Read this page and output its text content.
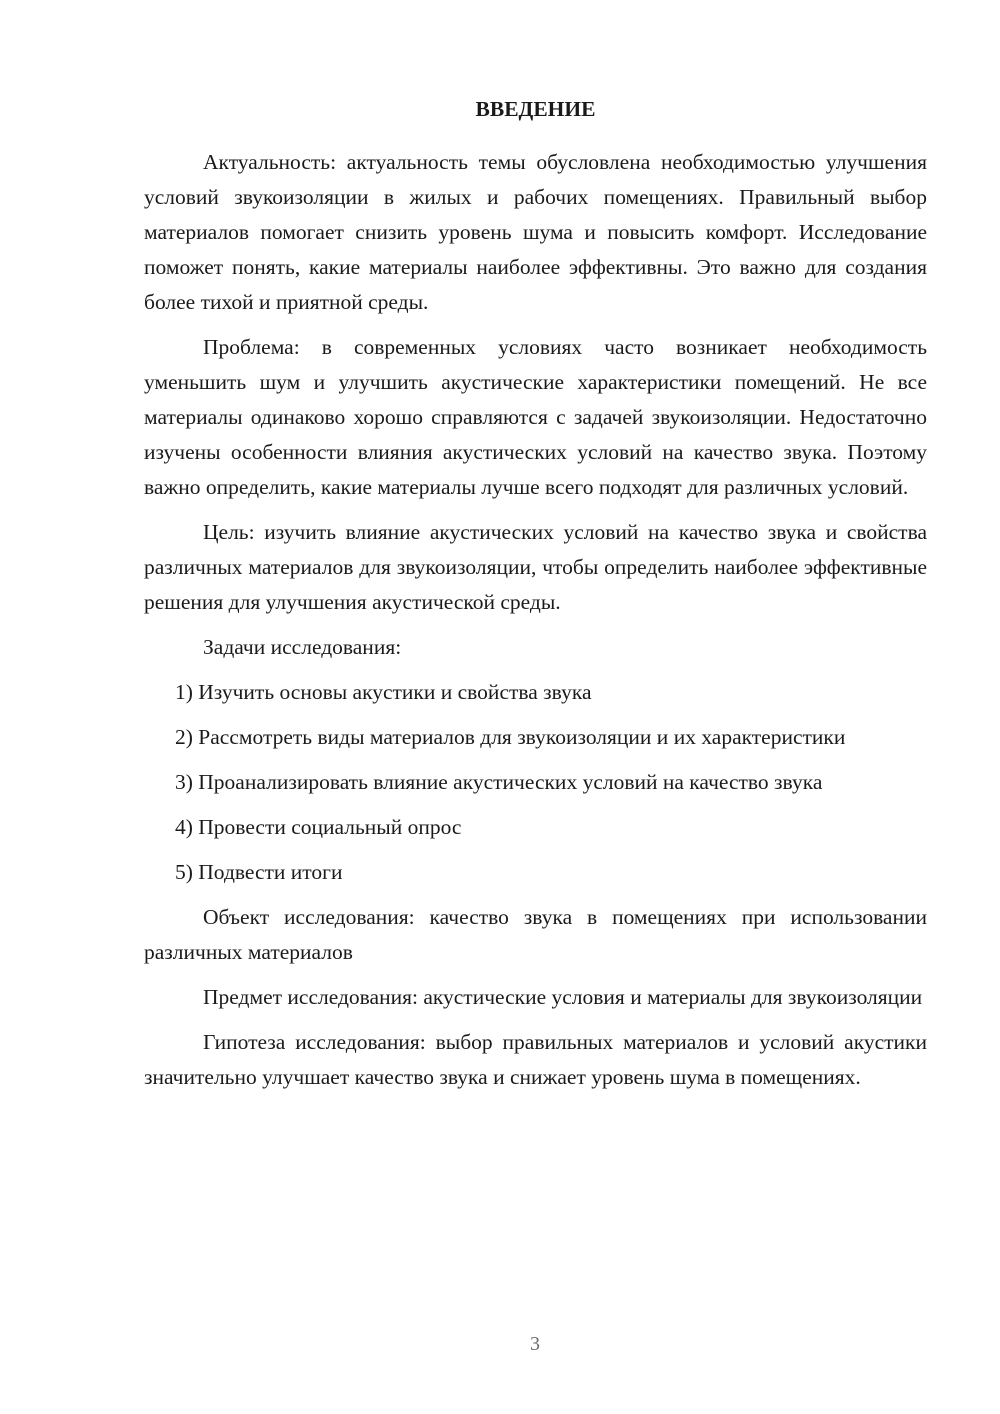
ВВЕДЕНИЕ

Актуальность: актуальность темы обусловлена необходимостью улучшения условий звукоизоляции в жилых и рабочих помещениях. Правильный выбор материалов помогает снизить уровень шума и повысить комфорт. Исследование поможет понять, какие материалы наиболее эффективны. Это важно для создания более тихой и приятной среды.

Проблема: в современных условиях часто возникает необходимость уменьшить шум и улучшить акустические характеристики помещений. Не все материалы одинаково хорошо справляются с задачей звукоизоляции. Недостаточно изучены особенности влияния акустических условий на качество звука. Поэтому важно определить, какие материалы лучше всего подходят для различных условий.

Цель: изучить влияние акустических условий на качество звука и свойства различных материалов для звукоизоляции, чтобы определить наиболее эффективные решения для улучшения акустической среды.

Задачи исследования:

1) Изучить основы акустики и свойства звука

2) Рассмотреть виды материалов для звукоизоляции и их характеристики

3) Проанализировать влияние акустических условий на качество звука

4) Провести социальный опрос

5) Подвести итоги

Объект исследования: качество звука в помещениях при использовании различных материалов

Предмет исследования: акустические условия и материалы для звукоизоляции

Гипотеза исследования: выбор правильных материалов и условий акустики значительно улучшает качество звука и снижает уровень шума в помещениях.

3
